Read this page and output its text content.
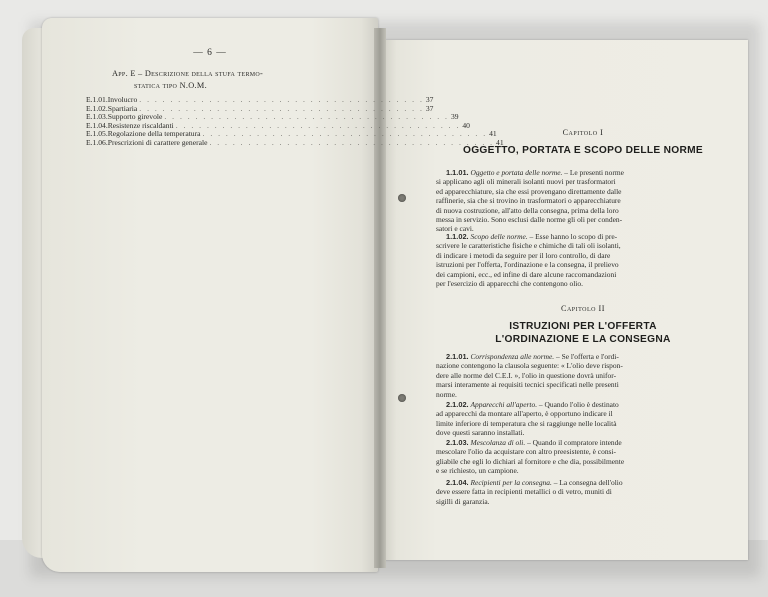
— 6 —
App. E – Descrizione della stufa termo-
statica tipo N.O.M.
E.1.01. Involucro . . . . . . . . . . . . . . . . . . . . . . . . . . . . . . . . . . . . . 37
E.1.02. Spartiaria . . . . . . . . . . . . . . . . . . . . . . . . . . . . . . . . . . . . . 37
E.1.03. Supporto girevole . . . . . . . . . . . . . . . . . . . . . . . . . . . . . . . . . . . . . 39
E.1.04. Resistenze riscaldanti . . . . . . . . . . . . . . . . . . . . . . . . . . . . . . . . . . . . . 40
E.1.05. Regolazione della temperatura . . . . . . . . . . . . . . . . . . . . . . . . . . . . . . . . . . . . . 41
E.1.06. Prescrizioni di carattere generale . . . . . . . . . . . . . . . . . . . . . . . . . . . . . . . . . . . . . 41
Capitolo I
OGGETTO, PORTATA E SCOPO DELLE NORME
1.1.01. Oggetto e portata delle norme. – Le presenti norme
si applicano agli oli minerali isolanti nuovi per trasformatori
ed apparecchiature, sia che essi provengano direttamente dalle
raffinerie, sia che si trovino in trasformatori o apparecchiature
di nuova costruzione, all'atto della consegna, prima della loro
messa in servizio. Sono esclusi dalle norme gli oli per conden-
satori e cavi.
1.1.02. Scopo delle norme. – Esse hanno lo scopo di pre-
scrivere le caratteristiche fisiche e chimiche di tali oli isolanti,
di indicare i metodi da seguire per il loro controllo, di dare
istruzioni per l'offerta, l'ordinazione e la consegna, il prelievo
dei campioni, ecc., ed infine di dare alcune raccomandazioni
per l'esercizio di apparecchi che contengono olio.
Capitolo II
ISTRUZIONI PER L'OFFERTA
L'ORDINAZIONE E LA CONSEGNA
2.1.01. Corrispondenza alle norme. – Se l'offerta e l'ordi-
nazione contengono la clausola seguente: « L'olio deve rispon-
dere alle norme del C.E.I. », l'olio in questione dovrà unifor-
marsi interamente ai requisiti tecnici specificati nelle presenti
norme.
2.1.02. Apparecchi all'aperto. – Quando l'olio è destinato
ad apparecchi da montare all'aperto, è opportuno indicare il
limite inferiore di temperatura che si raggiunge nelle località
dove questi saranno installati.
2.1.03. Mescolanza di oli. – Quando il compratore intende
mescolare l'olio da acquistare con altro preesistente, è consi-
gliabile che egli lo dichiari al fornitore e che dia, possibilmente
e se richiesto, un campione.
2.1.04. Recipienti per la consegna. – La consegna dell'olio
deve essere fatta in recipienti metallici o di vetro, muniti di
sigilli di garanzia.
